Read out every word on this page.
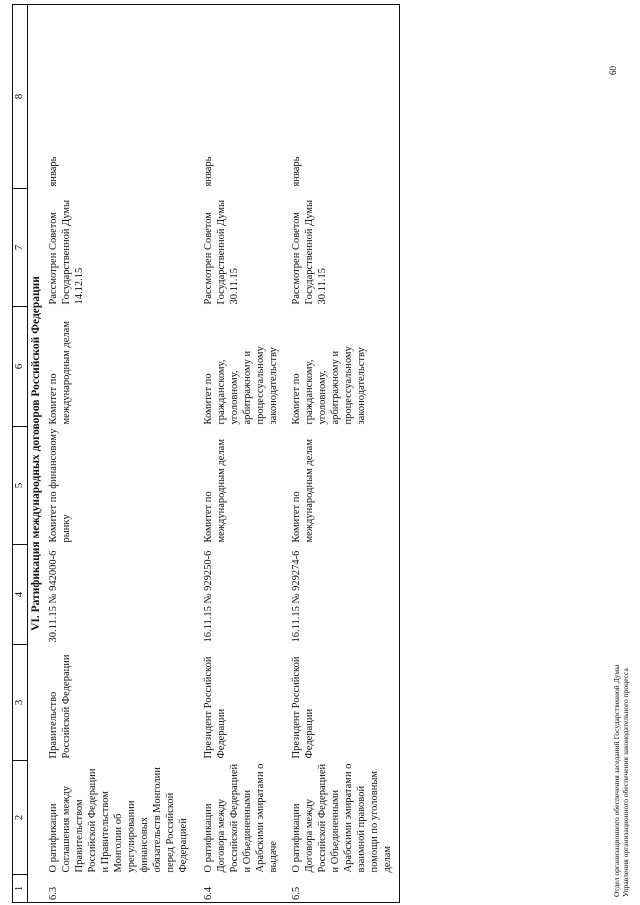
1	2	3	4	5	6	7	8
VI. Ратификация международных договоров Российской Федерации							
6.3	О ратификации Соглашения между Правительством Российской Федерации и Правительством Монголии об урегулировании финансовых обязательств Монголии перед Российской Федерацией	Правительство Российской Федерации	30.11.15 № 942000-6	Комитет по финансовому рынку	Комитет по международным делам	Рассмотрен Советом Государственной Думы 14.12.15	январь

6.4	О ратификации Договора между Российской Федерацией и Объединенными Арабскими эмиратами о выдаче	Президент Российской Федерации	16.11.15 № 929250-6	Комитет по международным делам	Комитет по гражданскому, уголовному, арбитражному и процессуальному законодательству	Рассмотрен Советом Государственной Думы 30.11.15	январь

6.5	О ратификации Договора между Российской Федерацией и Объединенными Арабскими эмиратами о взаимной правовой помощи по уголовным делам	Президент Российской Федерации	16.11.15 № 929274-6	Комитет по международным делам	Комитет по гражданскому, уголовному, арбитражному и процессуальному законодательству	Рассмотрен Советом Государственной Думы 30.11.15	январь

Отдел организационного обеспечения заседаний Государственной Думы Управления организационного обеспечения законодательного процесса
60
